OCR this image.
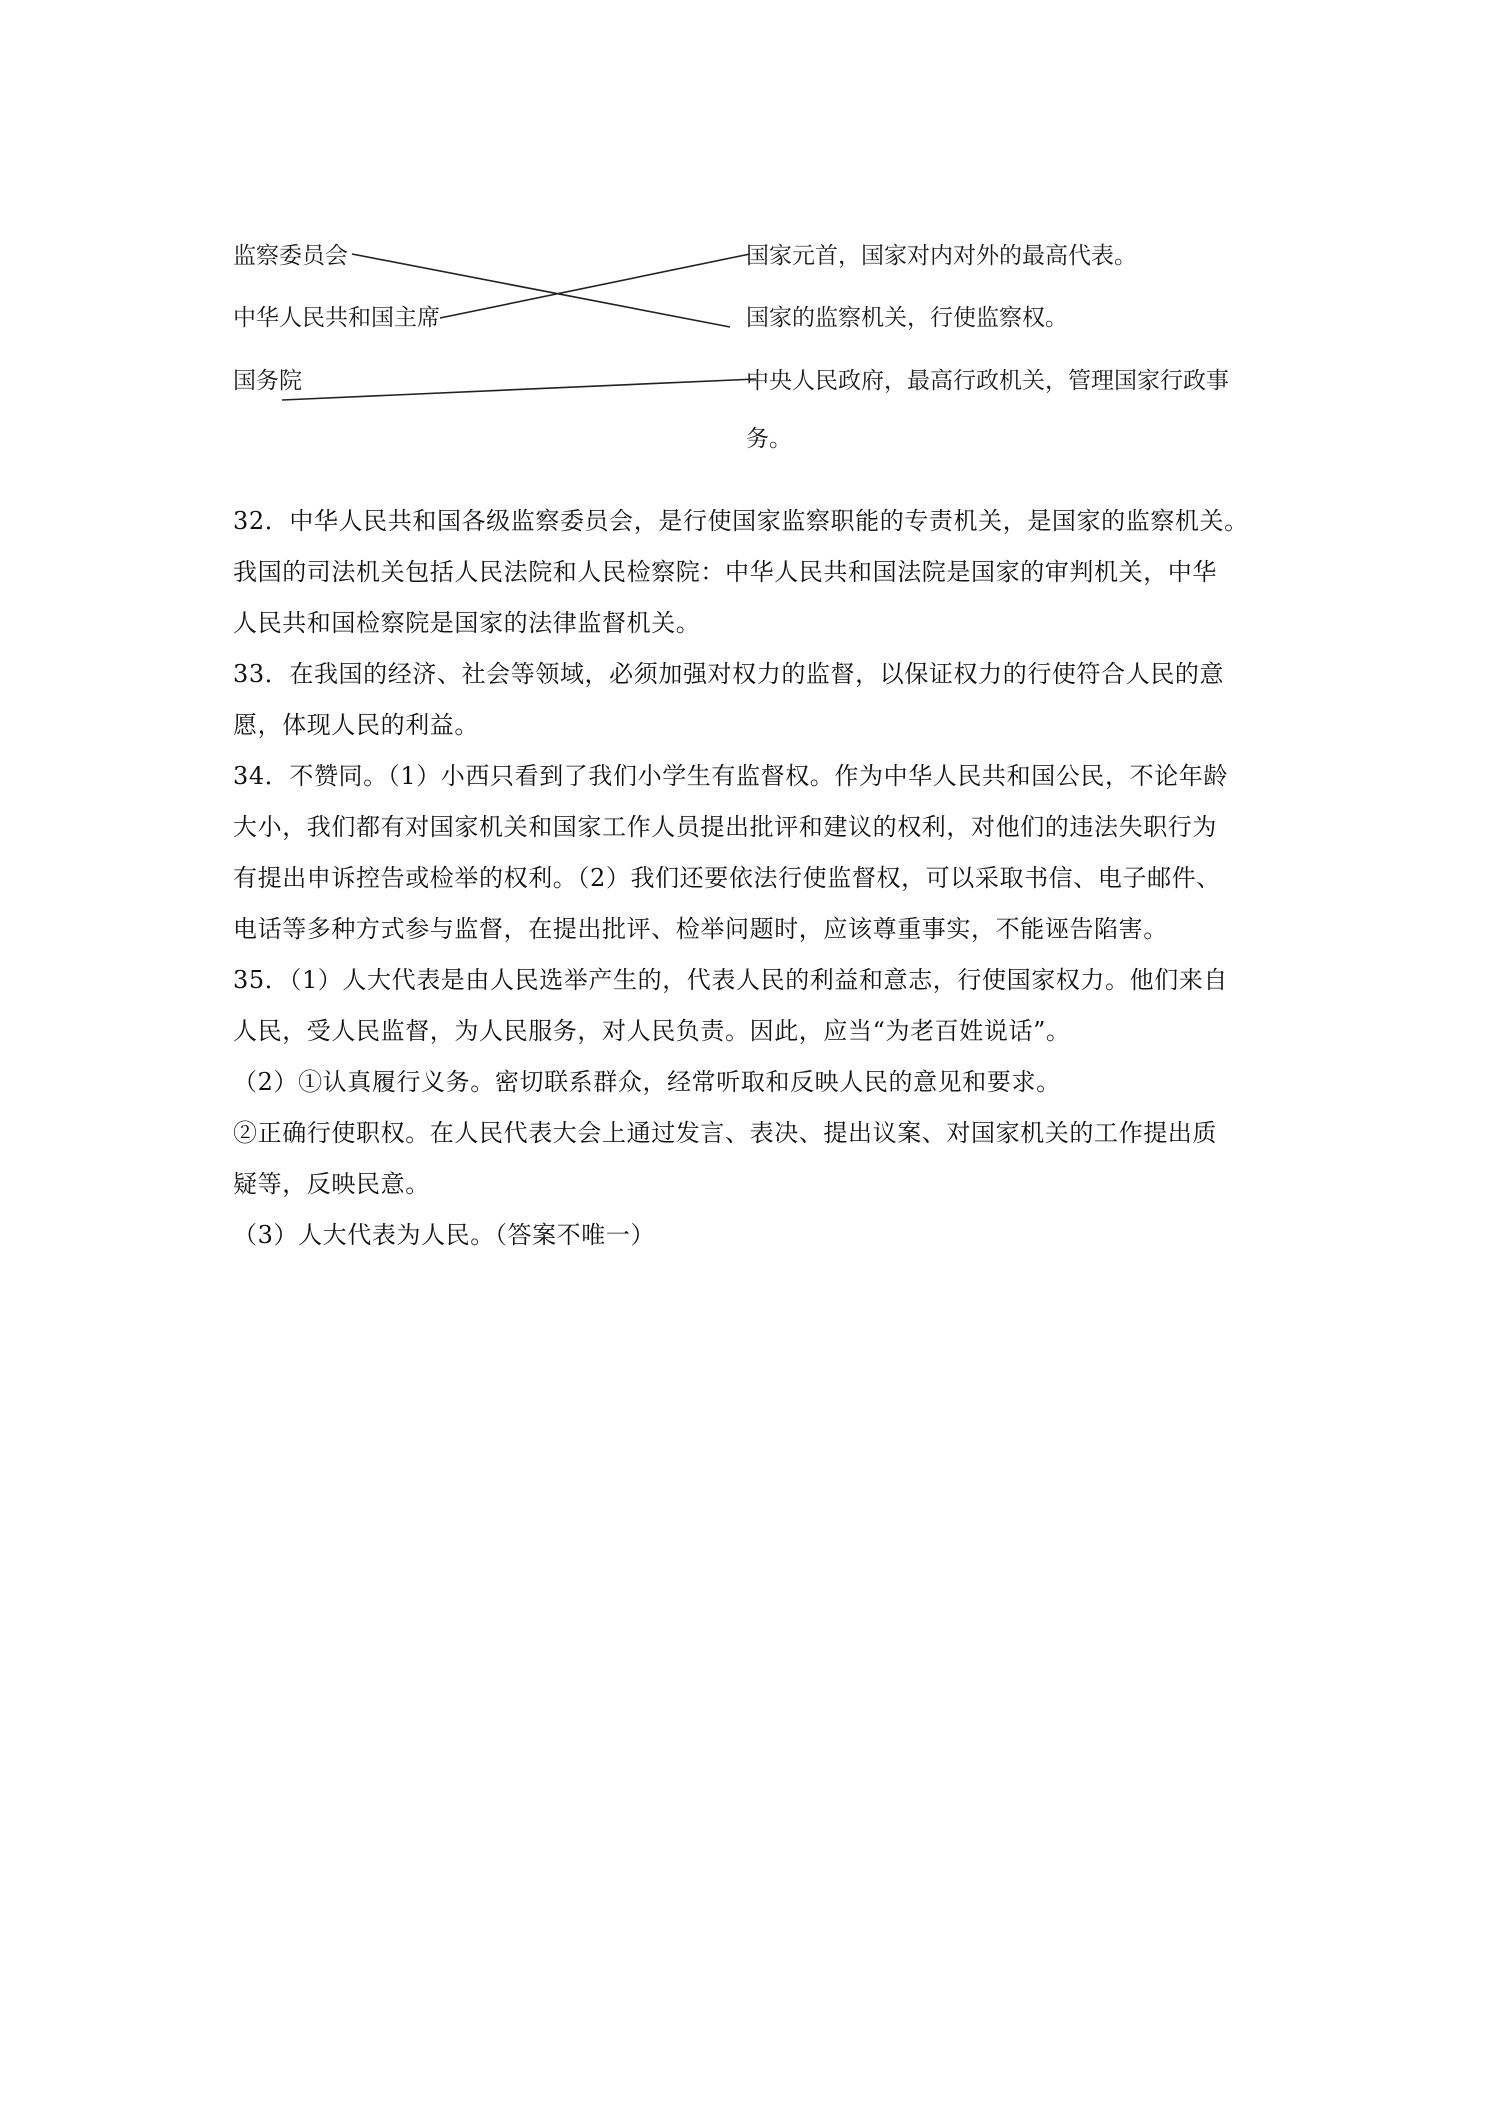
监察委员会
中华人民共和国主席
国务院
国家元首，国家对内对外的最高代表。
国家的监察机关，行使监察权。
中央人民政府，最高行政机关，管理国家行政事
务。

32．中华人民共和国各级监察委员会，是行使国家监察职能的专责机关，是国家的监察机关。

我国的司法机关包括人民法院和人民检察院：中华人民共和国法院是国家的审判机关，中华

人民共和国检察院是国家的法律监督机关。

33．在我国的经济、社会等领域，必须加强对权力的监督，以保证权力的行使符合人民的意

愿，体现人民的利益。

34．不赞同。（1）小西只看到了我们小学生有监督权。作为中华人民共和国公民，不论年龄

大小，我们都有对国家机关和国家工作人员提出批评和建议的权利，对他们的违法失职行为

有提出申诉控告或检举的权利。（2）我们还要依法行使监督权，可以采取书信、电子邮件、

电话等多种方式参与监督，在提出批评、检举问题时，应该尊重事实，不能诬告陷害。

35．（1）人大代表是由人民选举产生的，代表人民的利益和意志，行使国家权力。他们来自

人民，受人民监督，为人民服务，对人民负责。因此，应当“为老百姓说话”。

（2）①认真履行义务。密切联系群众，经常听取和反映人民的意见和要求。

②正确行使职权。在人民代表大会上通过发言、表决、提出议案、对国家机关的工作提出质

疑等，反映民意。

（3）人大代表为人民。（答案不唯一）
